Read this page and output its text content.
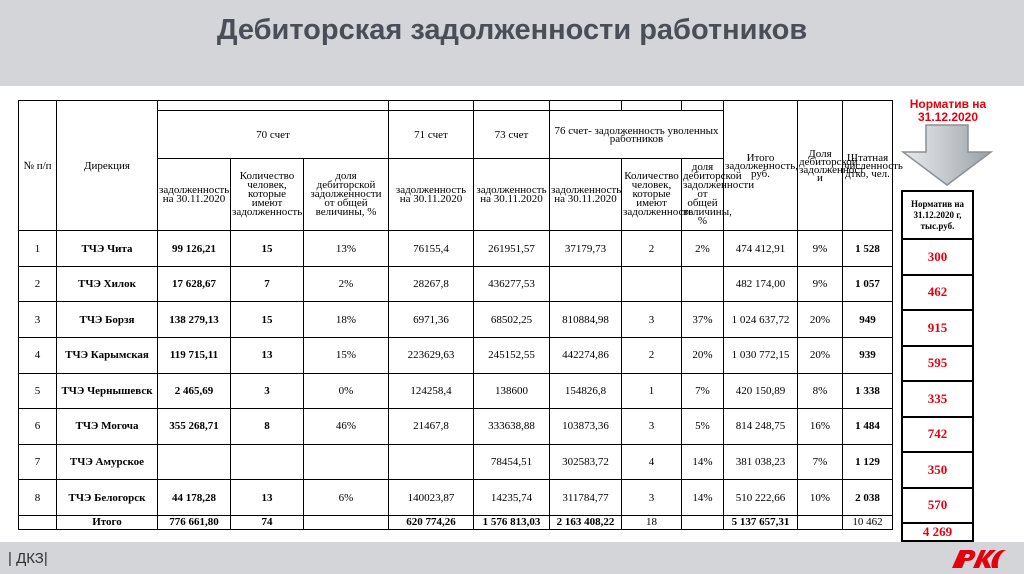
Дебиторская задолженности работников
№ п/п	Дирекция									Итого задолженность, руб.	Доля дебиторской задолженност и	Штатная численность дтко, чел.
		70 счет			71 счет	73 счет	76 счет- задолженность уволенных работников					
		задолженность на 30.11.2020	Количество человек, которые имеют задолженность	доля дебиторской задолженности от общей величины, %	задолженность на 30.11.2020	задолженность на 30.11.2020	задолженность на 30.11.2020	Количество человек, которые имеют задолженность	доля дебиторской задолженности от общей величины, %			
1	ТЧЭ Чита	99 126,21	15	13%	76155,4	261951,57	37179,73	2	2%	474 412,91	9%	1 528
2	ТЧЭ Хилок	17 628,67	7	2%	28267,8	436277,53				482 174,00	9%	1 057
3	ТЧЭ Борзя	138 279,13	15	18%	6971,36	68502,25	810884,98	3	37%	1 024 637,72	20%	949
4	ТЧЭ Карымская	119 715,11	13	15%	223629,63	245152,55	442274,86	2	20%	1 030 772,15	20%	939
5	ТЧЭ Чернышевск	2 465,69	3	0%	124258,4	138600	154826,8	1	7%	420 150,89	8%	1 338
6	ТЧЭ Могоча	355 268,71	8	46%	21467,8	333638,88	103873,36	3	5%	814 248,75	16%	1 484
7	ТЧЭ Амурское					78454,51	302583,72	4	14%	381 038,23	7%	1 129
8	ТЧЭ Белогорск	44 178,28	13	6%	140023,87	14235,74	311784,77	3	14%	510 222,66	10%	2 038
	Итого	776 661,80	74		620 774,26	1 576 813,03	2 163 408,22	18		5 137 657,31		10 462
Норматив на 31.12.2020
Норматив на 31.12.2020 г, тыс.руб.
300
462
915
595
335
742
350
570
4 269
| ДКЗ|
